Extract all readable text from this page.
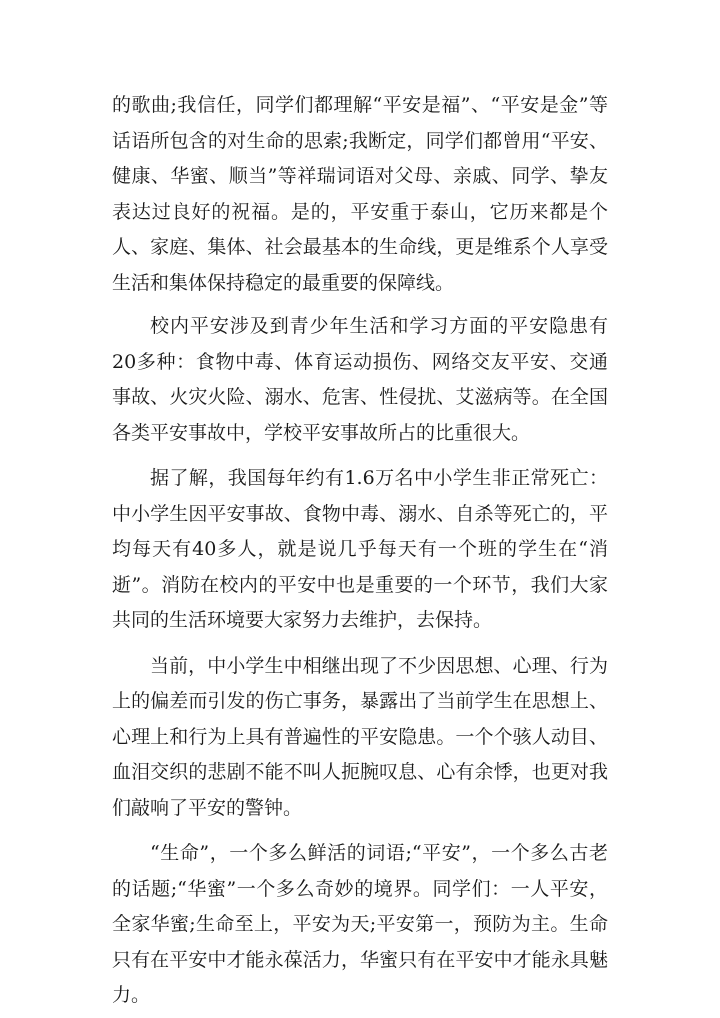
的歌曲;我信任，同学们都理解“平安是福”、“平安是金”等话语所包含的对生命的思索;我断定，同学们都曾用“平安、健康、华蜜、顺当”等祥瑞词语对父母、亲戚、同学、挚友表达过良好的祝福。是的，平安重于泰山，它历来都是个人、家庭、集体、社会最基本的生命线，更是维系个人享受生活和集体保持稳定的最重要的保障线。

校内平安涉及到青少年生活和学习方面的平安隐患有20多种：食物中毒、体育运动损伤、网络交友平安、交通事故、火灾火险、溺水、危害、性侵扰、艾滋病等。在全国各类平安事故中，学校平安事故所占的比重很大。

据了解，我国每年约有1.6万名中小学生非正常死亡：中小学生因平安事故、食物中毒、溺水、自杀等死亡的，平均每天有40多人，就是说几乎每天有一个班的学生在“消逝”。消防在校内的平安中也是重要的一个环节，我们大家共同的生活环境要大家努力去维护，去保持。

当前，中小学生中相继出现了不少因思想、心理、行为上的偏差而引发的伤亡事务，暴露出了当前学生在思想上、心理上和行为上具有普遍性的平安隐患。一个个骇人动目、血泪交织的悲剧不能不叫人扼腕叹息、心有余悸，也更对我们敲响了平安的警钟。

“生命”，一个多么鲜活的词语;“平安”，一个多么古老的话题;“华蜜”一个多么奇妙的境界。同学们：一人平安，全家华蜜;生命至上，平安为天;平安第一，预防为主。生命只有在平安中才能永葆活力，华蜜只有在平安中才能永具魅力。
